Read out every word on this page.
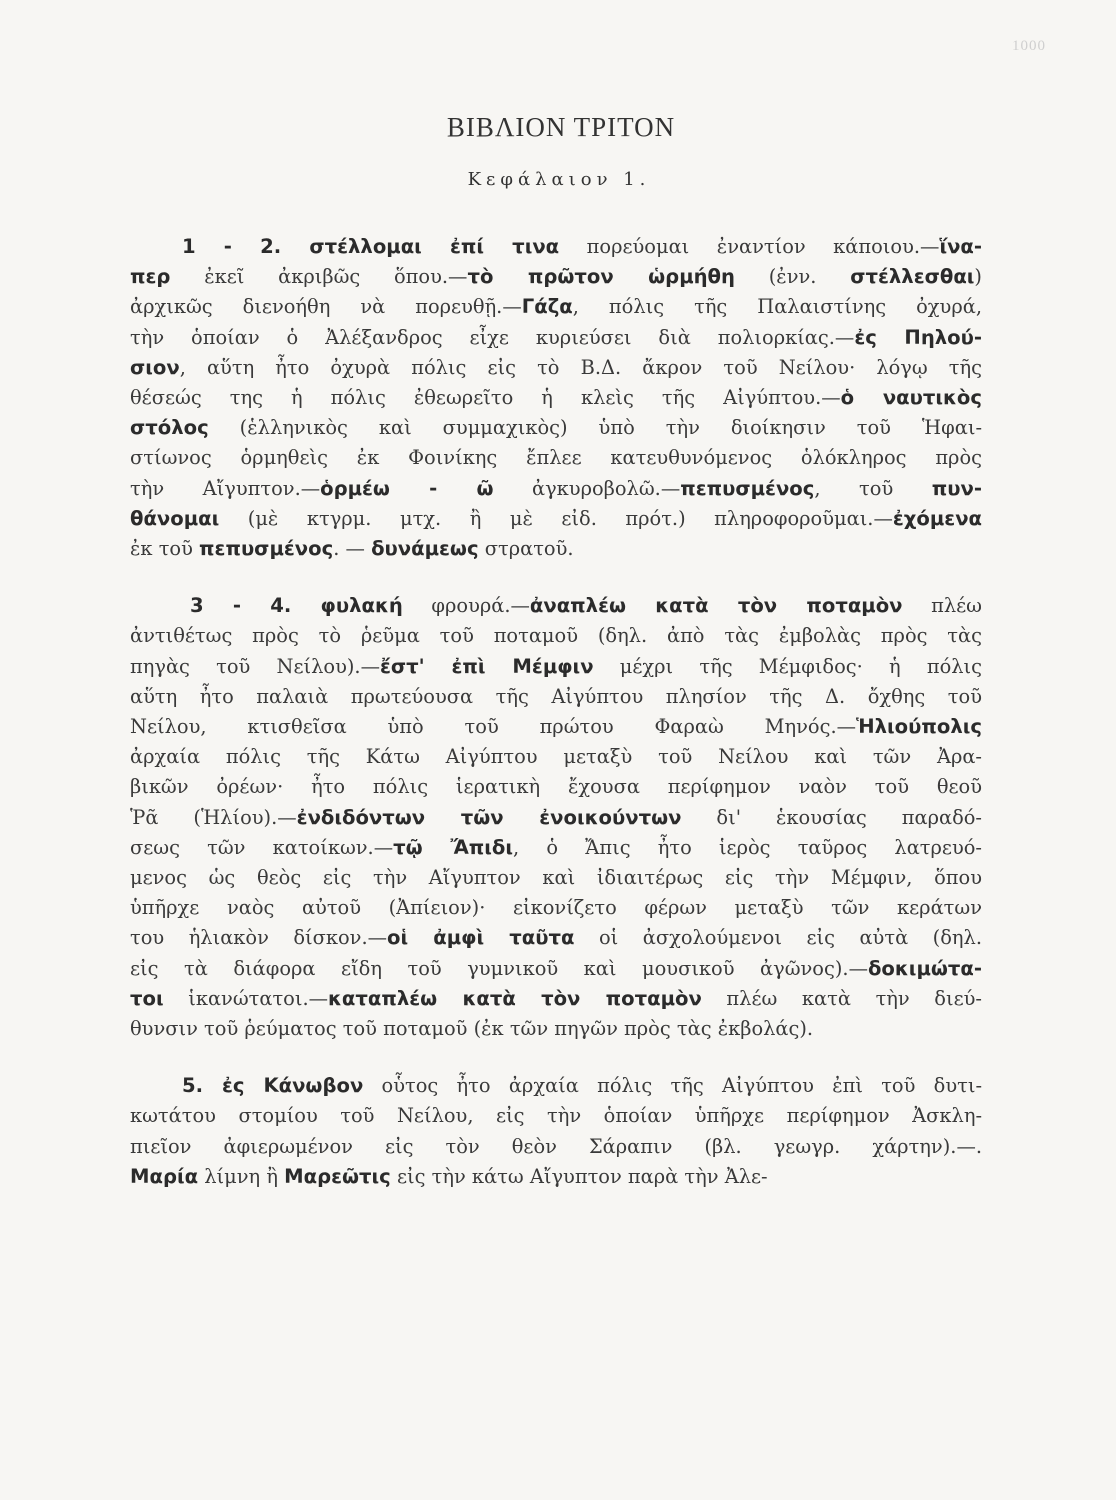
1000
ΒΙΒΛΙΟΝ ΤΡΙΤΟΝ
Κεφάλαιον 1.

1 - 2. στέλλομαι ἐπί τινα πορεύομαι ἐναντίον κάποιου.—ἵνα-
περ ἐκεῖ ἀκριβῶς ὅπου.—τὸ πρῶτον ὡρμήθη (ἐνν. στέλλεσθαι)
ἀρχικῶς διενοήθη νὰ πορευθῇ.—Γάζα, πόλις τῆς Παλαιστίνης ὀχυρά,
τὴν ὁποίαν ὁ Ἀλέξανδρος εἶχε κυριεύσει διὰ πολιορκίας.—ἐς Πηλού-
σιον, αὕτη ἦτο ὀχυρὰ πόλις εἰς τὸ Β.Δ. ἄκρον τοῦ Νείλου· λόγῳ τῆς
θέσεώς της ἡ πόλις ἐθεωρεῖτο ἡ κλεὶς τῆς Αἰγύπτου.—ὁ ναυτικὸς
στόλος (ἑλληνικὸς καὶ συμμαχικὸς) ὑπὸ τὴν διοίκησιν τοῦ Ἡφαι-
στίωνος ὁρμηθεὶς ἐκ Φοινίκης ἔπλεε κατευθυνόμενος ὁλόκληρος πρὸς
τὴν Αἴγυπτον.—ὁρμέω - ῶ ἀγκυροβολῶ.—πεπυσμένος, τοῦ πυν-
θάνομαι (μὲ κτγρμ. μτχ. ἢ μὲ εἰδ. πρότ.) πληροφοροῦμαι.—ἐχόμενα
ἐκ τοῦ πεπυσμένος. — δυνάμεως στρατοῦ.

3 - 4. φυλακή φρουρά.—ἀναπλέω κατὰ τὸν ποταμὸν πλέω
ἀντιθέτως πρὸς τὸ ῥεῦμα τοῦ ποταμοῦ (δηλ. ἀπὸ τὰς ἐμβολὰς πρὸς τὰς
πηγὰς τοῦ Νείλου).—ἔστ' ἐπὶ Μέμφιν μέχρι τῆς Μέμφιδος· ἡ πόλις
αὕτη ἦτο παλαιὰ πρωτεύουσα τῆς Αἰγύπτου πλησίον τῆς Δ. ὄχθης τοῦ
Νείλου, κτισθεῖσα ὑπὸ τοῦ πρώτου Φαραὼ Μηνός.—Ἡλιούπολις
ἀρχαία πόλις τῆς Κάτω Αἰγύπτου μεταξὺ τοῦ Νείλου καὶ τῶν Ἀρα-
βικῶν ὀρέων· ἦτο πόλις ἱερατικὴ ἔχουσα περίφημον ναὸν τοῦ θεοῦ
Ῥᾶ (Ἡλίου).—ἐνδιδόντων τῶν ἐνοικούντων δι' ἑκουσίας παραδό-
σεως τῶν κατοίκων.—τῷ Ἄπιδι, ὁ Ἄπις ἦτο ἱερὸς ταῦρος λατρευό-
μενος ὡς θεὸς εἰς τὴν Αἴγυπτον καὶ ἰδιαιτέρως εἰς τὴν Μέμφιν, ὅπου
ὑπῆρχε ναὸς αὐτοῦ (Ἀπίειον)· εἰκονίζετο φέρων μεταξὺ τῶν κεράτων
του ἡλιακὸν δίσκον.—οἱ ἀμφὶ ταῦτα οἱ ἀσχολούμενοι εἰς αὐτὰ (δηλ.
εἰς τὰ διάφορα εἴδη τοῦ γυμνικοῦ καὶ μουσικοῦ ἀγῶνος).—δοκιμώτα-
τοι ἱκανώτατοι.—καταπλέω κατὰ τὸν ποταμὸν πλέω κατὰ τὴν διεύ-
θυνσιν τοῦ ῥεύματος τοῦ ποταμοῦ (ἐκ τῶν πηγῶν πρὸς τὰς ἐκβολάς).

5. ἐς Κάνωβον οὗτος ἦτο ἀρχαία πόλις τῆς Αἰγύπτου ἐπὶ τοῦ δυτι-
κωτάτου στομίου τοῦ Νείλου, εἰς τὴν ὁποίαν ὑπῆρχε περίφημον Ἀσκλη-
πιεῖον ἀφιερωμένον εἰς τὸν θεὸν Σάραπιν (βλ. γεωγρ. χάρτην).—.
Μαρία λίμνη ἢ Μαρεῶτις εἰς τὴν κάτω Αἴγυπτον παρὰ τὴν Ἀλε-
